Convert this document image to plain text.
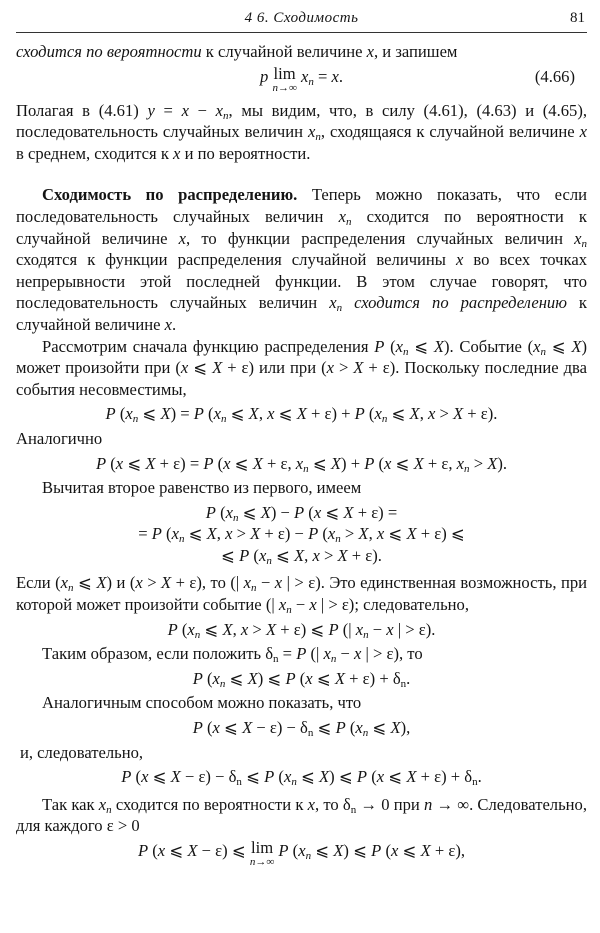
4 6. Сходимость	81

сходится по вероятности к случайной величине x, и запишем

p lim
n→∞
$x_n = x$.	(4.66)

Полагая в (4.61) $y = x - x_n$, мы видим, что, в силу (4.61), (4.63) и (4.65), последовательность случайных величин $x_n$, сходящаяся к случайной величине x в среднем, сходится к x и по вероятности.

Сходимость по распределению. Теперь можно показать, что если последовательность случайных величин $x_n$ сходится по вероятности к случайной величине x, то функции распределения случайных величин $x_n$ сходятся к функции распределения случайной величины x во всех точках непрерывности этой последней функции. В этом случае говорят, что последовательность случайных величин $x_n$ сходится по распределению к случайной величине x.

Рассмотрим сначала функцию распределения P ($x_n$ ⩽ X). Событие ($x_n$ ⩽ X) может произойти при (x ⩽ X + ε) или при (x > X + ε). Поскольку последние два события несовместимы,

P ($x_n$ ⩽ X) = P ($x_n$ ⩽ X, x ⩽ X + ε) + P ($x_n$ ⩽ X, x > X + ε).

Аналогично

P (x ⩽ X + ε) = P (x ⩽ X + ε, $x_n$ ⩽ X) + P (x ⩽ X + ε, $x_n > X$).

Вычитая второе равенство из первого, имеем

P ($x_n$ ⩽ X) − P (x ⩽ X + ε) =
= P ($x_n$ ⩽ X, x > X + ε) − P ($x_n > X$, x ⩽ X + ε) ⩽
⩽ P ($x_n$ ⩽ X, x > X + ε).

Если ($x_n$ ⩽ X) и (x > X + ε), то (| $x_n - x$ | > ε). Это единственная возможность, при которой может произойти событие (| $x_n - x$ | > ε); следовательно,

P ($x_n$ ⩽ X, x > X + ε) ⩽ P (| $x_n - x$ | > ε).

Таким образом, если положить $\delta_n = P$ (| $x_n - x$ | > ε), то

P ($x_n$ ⩽ X) ⩽ P (x ⩽ $X + \varepsilon) + \delta_n$.

Аналогичным способом можно показать, что

P (x ⩽ $X - \varepsilon) - \delta_n$ ⩽ P ($x_n$ ⩽ X),

и, следовательно,

P (x ⩽ $X - \varepsilon) - \delta_n$ ⩽ P ($x_n$ ⩽ X) ⩽ P (x ⩽ $X + \varepsilon) + \delta_n$.

Так как $x_n$ сходится по вероятности к x, то $\delta_n \to 0$ при n → ∞. Следовательно, для каждого ε > 0

P (x ⩽ X − ε) ⩽ lim
n→∞
P ($x_n$ ⩽ X) ⩽ P (x ⩽ X + ε),
